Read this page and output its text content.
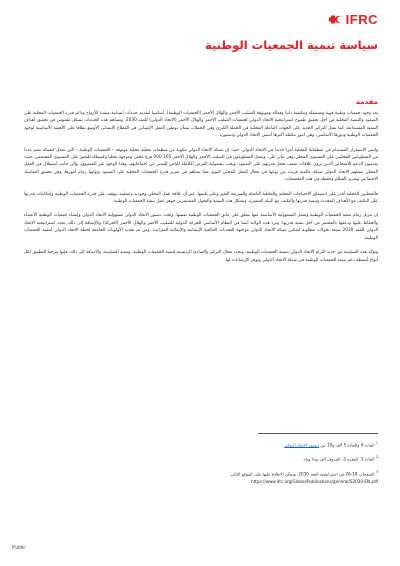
IFRC
سياسة تنمية الجمعيات الوطنية
مقدمة

يعد وجود جمعيات وطنية قوية ومستقلة ومكتفية ذاتيا وفعالة وموثوقة للصليب الأحمر والهلال الأحمر (الجمعيات الوطنية)، أساسيا لتقديم خدمات إنسانية منقذة للأرواح ودائم قدرة الجمعيات المحلية على الصمود والتنمية المحلية من أجل تحقيق طموح استراتيجية الاتحاد الدولي لجمعيات الصليب الأحمر والهلال الأحمر (الاتحاد الدولي) للعقد 2030. وتساهم هذه الخدمات بشكل ملموس في تحقيق أهداف التنمية المستدامة، كما تمثل التركيز الجديد على الجهات الفاعلة المحلية في الحملة الكبرى وفي الخطاب بشأن توطين العمل الإنساني في القطاع الإنساني الأوسع نطاقا على الأهمية الأساسية لوجود الجمعيات الوطنية ودورها الأساسي. وهي أمور مكفلة أكثرها أسس الاتحاد الدولي ودستوره.

وليس الاستقرار المستدام في منظماتنا المحلية أمرا جديدا في الاتحاد الدولي، حيث إن شبكة الاتحاد الدولي مكونة من منظمات محلية محلية موثوقة – الجمعيات الوطنية – التي تعمل كشبكة تضم عددا من المتطوعين المحليين على المستوى المحلي وهي تتأثر على. ويعمل المتطوعون في الصليب الأحمر والهلال الأحمر 165 000 فرع محلي وموجهة محليا وكسطاء للتغيير على المستوى المجتمعي، حيث يقدمون الدعم للأشخاص الذين يرون علاقات ضعف تجعل قدرتهم على الصمود، ويجب بشمولية الفرص الكاملة للناس للتعبير عن احتياجاتهم، وهذا الوجود غير المسبوق، وإلى جانب استقلال في العمل المحلي بعملهم الاتحاد الدولي شبكة عالمية فريدة من نوعها في مجال العمل المحلي اليوم، مما يساهم في تعزيز قدرة الجمعيات المحلية على الصمود وتوليها زمام أمورها، وفي تحقيق التماسك الاجتماعي وتعزيز السلام وحفظه في هذه المجتمعات.

فالمحليين المحلية أقدر على استيفاق الاحتياجات المحلية والمحلية الناشئة والسريعة التغير وعلى تلبيتها. غير أن علاقة عمل المحلي وجودته وعمليته يتوقف على قدرة الجمعيات الوطنية وإمكانيات قدرتها على التكيف مع الأهداف المحددة وتنمية قدرتها والتكيف مع البيئة المتغيرة. وتشكل هذه التنمية والتحول المستمرين جوهر عمل تنمية الجمعيات الوطنية.

إن تنزيل زمام تنمية الجمعيات الوطنية وتعمل المسؤولية الأساسية عنها بتعلق على عاتق الجمعيات الوطنية نفسها. ويُحدد دستور الاتحاد الدولي مسؤولية الاتحاد الدولي وإنشاء جمعيات الوطنية الأعضاء والحفاظ عليها ودعمها بالمحضر من أجل تنمية قدرتها. وترد هذه الولاية أيضا في النظام الأساسي للحركة الدولية للصليب الأحمر والهلال الأحمر (الحركة) وبالإضافة إلى ذلك، تحدد استراتيجية الاتحاد الدولي للعقد 2030 سبعة تحولات مطلوبة لتمكين شبكة الاتحاد الدولي مواجهة التحديات العالمية الإنسانية والإنمائية المتزايدة، ومن ثم تحديد الأولويات الجامعة لخطة الاتحاد الدولي لتنمية الجمعيات الوطنية.

وتؤكد هذه السياسة من جديد التزام الاتحاد الدولي بتنمية الجمعيات الوطنية، وتحدد مجال التركيز والمبادئ الرئيسية لتنمية الجمعيات الوطنية، وتنفيذ السياسة، والاضافة إلى ذلك، فإنها مرجعا للتطبيق لكل أنواع أنشطة دعم تنمية الجمعيات الوطنية في شبكة الاتحاد الدولي وتوفر الإرشادات لها.

$^1$ المادة 4 والمادة 5 ألف و10 من دستور الاتحاد الدولي
$^2$ المادة 3، الفقرة 3، الحروف ألف وباء وياء.
$^3$ الصفحات 18-26 من استراتيجية العقد 2030. ويمكن الاطلاع عليها على الموقع التالي:
https://www.ifrc.org/Global/Publications/general/S2030-EN.pdf
Public
